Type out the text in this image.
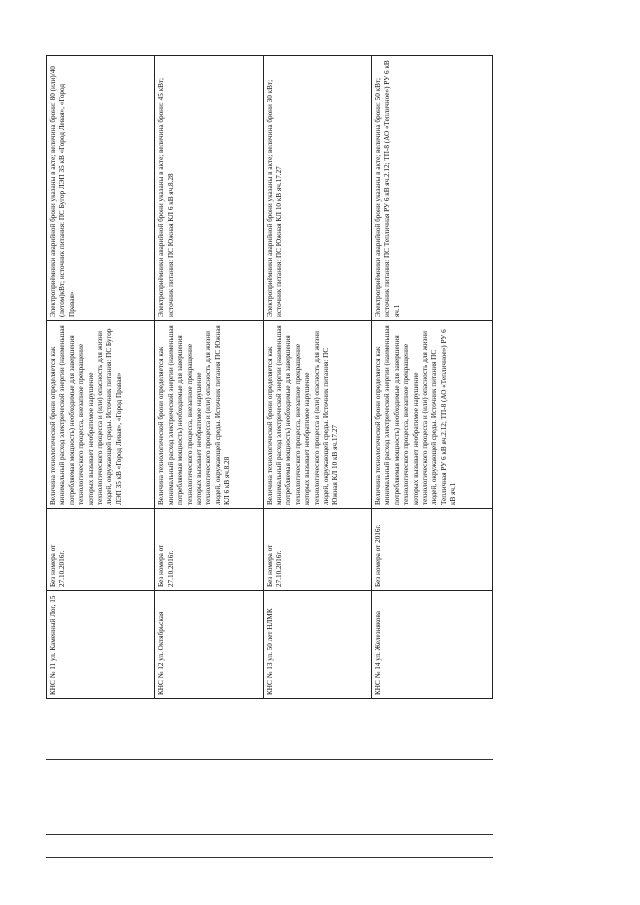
КНС № 11 ул. Каменный Лог, 15	Без номера от 27.10.2016г.	Величина технологической брони определяется как минимальный расход электрической энергии (наименьшая потребляемая мощность) необходимые для завершения технологического процесса, внезапное прекращение которых вызывает необратимое нарушение технологического процесса и (или) опасность для жизни людей, окружающей среды. Источник питания: ПС Бугор ЛЭП 35 кВ «Город Левая», «Город Правая»	Электроприёмники аварийной брони указаны в акте; величина брони: 80 (или)/40 (летом)кВт; источник питания: ПС Бугор ЛЭП 35 кВ «Город Левая», «Город Правая»
КНС № 12 ул. Октябрьская	Без номера от 27.10.2016г.	Величина технологической брони определяется как минимальный расход электрической энергии (наименьшая потребляемая мощность) необходимые для завершения технологического процесса, внезапное прекращение которых вызывает необратимое нарушение технологического процесса и (или) опасность для жизни людей, окружающей среды. Источник питания ПС Южная КЛ 6 кВ яч.8.28	Электроприёмники аварийной брони указаны в акте; величина брони: 45 кВт; источник питания: ПС Южная КЛ 6 кВ яч.8.28
КНС № 13 ул. 50 лет НЛМК	Без номера от 27.10.2016г.	Величина технологической брони определяется как минимальный расход электрической энергии (наименьшая потребляемая мощность) необходимые для завершения технологического процесса, внезапное прекращение которых вызывает необратимое нарушение технологического процесса и (или) опасность для жизни людей, окружающей среды. Источник питания: ПС Южная КЛ 10 кВ яч.17.27	Электроприёмники аварийной брони указаны в акте; величина брони 30 кВт; источник питания: ПС Южная КЛ 10 кВ яч.17.27
КНС № 14 ул. Железнякова	Без номера от 2016г.	Величина технологической брони определяется как минимальный расход электрической энергии (наименьшая потребляемая мощность) необходимые для завершения технологического процесса, внезапное прекращение которых вызывает необратимое нарушение технологического процесса и (или) опасность для жизни людей, окружающей среды. Источник питания ПС Тепличная РУ 6 кВ яч.2.12; ТП-8 (АО «Тепличное») РУ 6 кВ яч.1	Электроприёмники аварийной брони указаны в акте; величина брони: 50 кВт; источник питания: ПС Тепличная РУ 6 кВ яч.2.12; ТП-8 (АО «Тепличное») РУ 6 кВ яч.1
